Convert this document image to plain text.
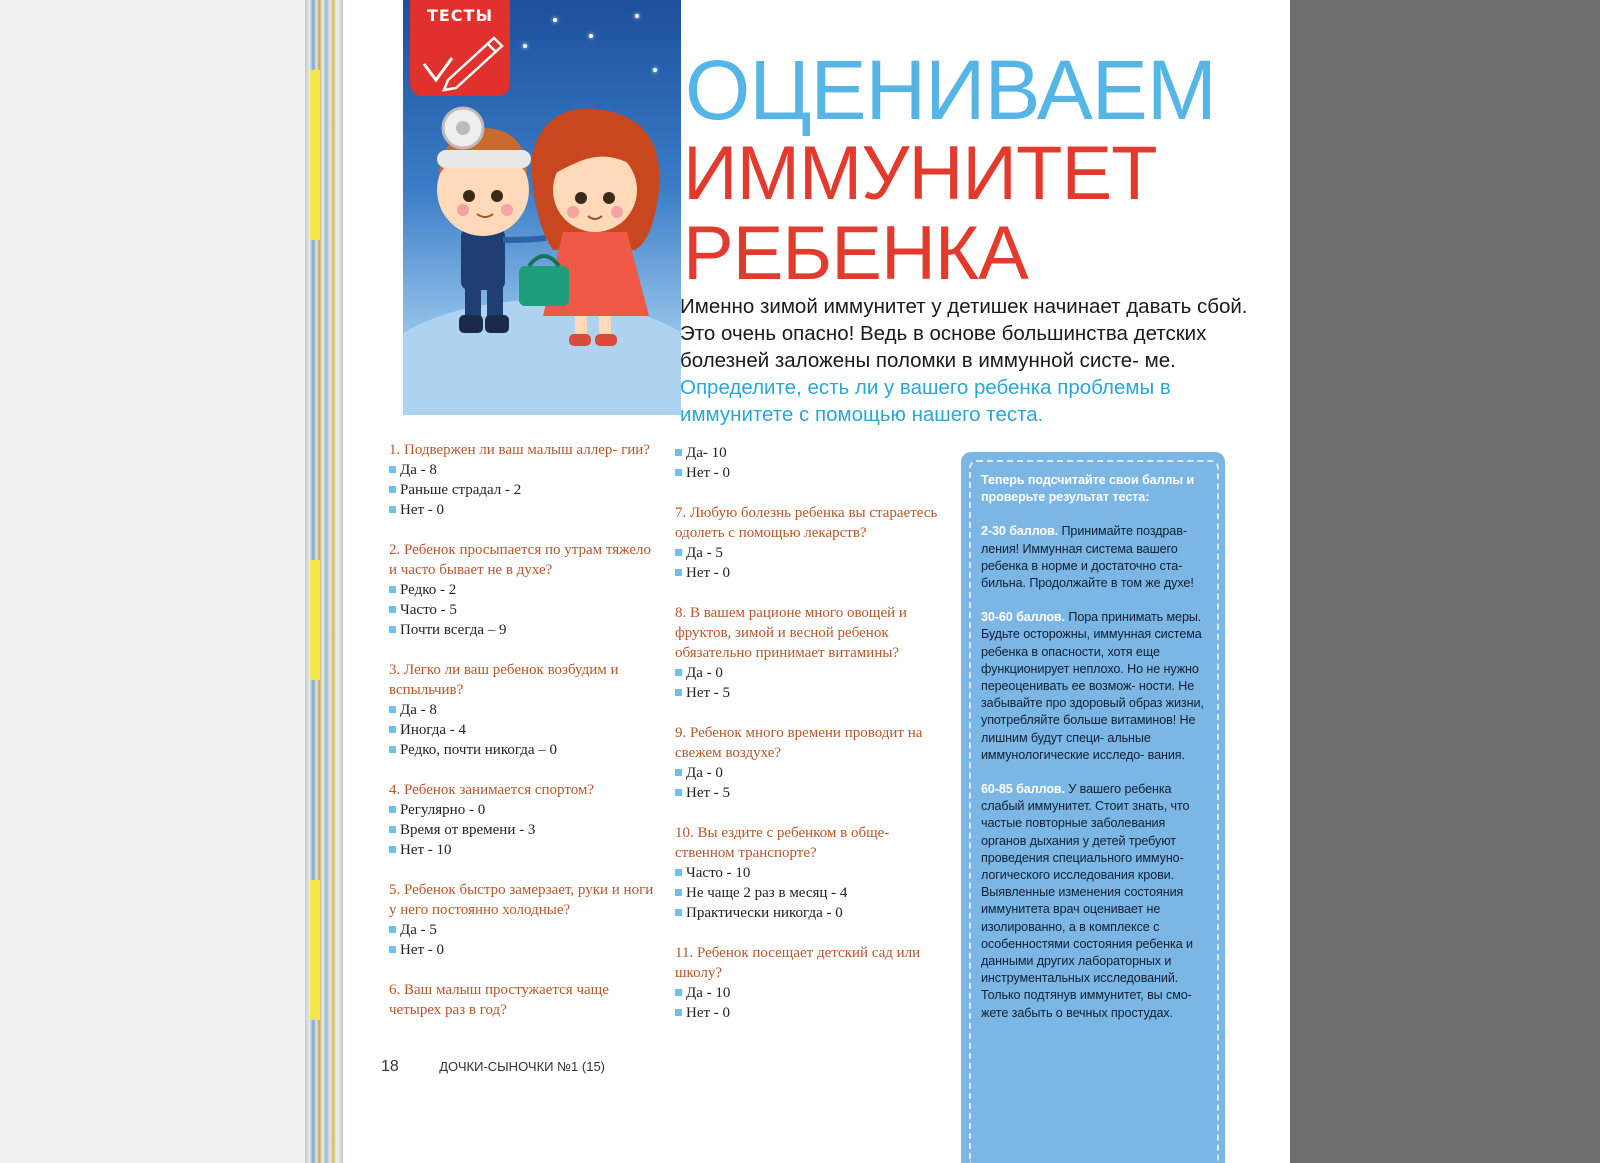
ТЕСТЫ
ОЦЕНИВАЕМ
ИММУНИТЕТ
РЕБЕНКА
Именно зимой иммунитет у детишек начинает давать сбой. Это очень опасно! Ведь в основе большинства детских болезней заложены поломки в иммунной систе- ме. Определите, есть ли у вашего ребенка проблемы в иммунитете с помощью нашего теста.
1. Подвержен ли ваш малыш аллер- гии?
Да - 8
Раньше страдал - 2
Нет - 0
2. Ребенок просыпается по утрам тяжело и часто бывает не в духе?
Редко - 2
Часто - 5
Почти всегда – 9
3. Легко ли ваш ребенок возбудим и вспыльчив?
Да - 8
Иногда - 4
Редко, почти никогда – 0
4. Ребенок занимается спортом?
Регулярно - 0
Время от времени - 3
Нет - 10
5. Ребенок быстро замерзает, руки и ноги у него постоянно холодные?
Да - 5
Нет - 0
6. Ваш малыш простужается чаще четырех раз в год?
Да- 10
Нет - 0
7. Любую болезнь ребенка вы стараетесь одолеть с помощью лекарств?
Да - 5
Нет - 0
8. В вашем рационе много овощей и фруктов, зимой и весной ребенок обязательно принимает витамины?
Да - 0
Нет - 5
9. Ребенок много времени проводит на свежем воздухе?
Да - 0
Нет - 5
10. Вы ездите с ребенком в обще- ственном транспорте?
Часто - 10
Не чаще 2 раз в месяц - 4
Практически никогда - 0
11. Ребенок посещает детский сад или школу?
Да - 10
Нет - 0
Теперь подсчитайте свои баллы и проверьте результат теста:
2-30 баллов. Принимайте поздрав- ления! Иммунная система вашего ребенка в норме и достаточно ста- бильна. Продолжайте в том же духе!
30-60 баллов. Пора принимать меры. Будьте осторожны, иммунная система ребенка в опасности, хотя еще функционирует неплохо. Но не нужно переоценивать ее возмож- ности. Не забывайте про здоровый образ жизни, употребляйте больше витаминов! Не лишним будут специ- альные иммунологические исследо- вания.
60-85 баллов. У вашего ребенка слабый иммунитет. Стоит знать, что частые повторные заболевания органов дыхания у детей требуют проведения специального иммуно- логического исследования крови. Выявленные изменения состояния иммунитета врач оценивает не изолированно, а в комплексе с особенностями состояния ребенка и данными других лабораторных и инструментальных исследований. Только подтянув иммунитет, вы смо- жете забыть о вечных простудах.
18	ДОЧКИ-СЫНОЧКИ №1 (15)
